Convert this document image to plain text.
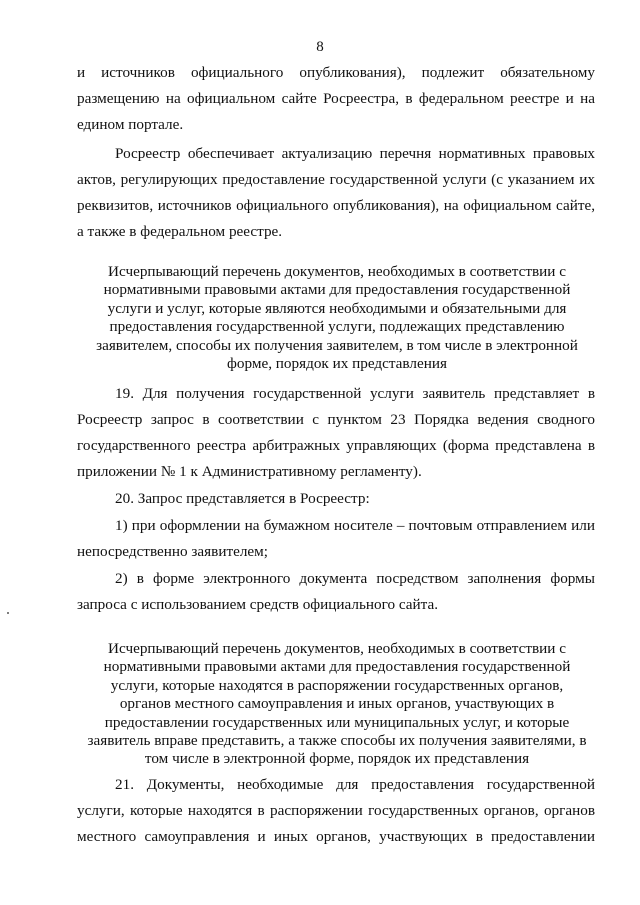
8

и источников официального опубликования), подлежит обязательному размещению на официальном сайте Росреестра, в федеральном реестре и на едином портале.

Росреестр обеспечивает актуализацию перечня нормативных правовых актов, регулирующих предоставление государственной услуги (с указанием их реквизитов, источников официального опубликования), на официальном сайте, а также в федеральном реестре.

Исчерпывающий перечень документов, необходимых в соответствии с нормативными правовыми актами для предоставления государственной услуги и услуг, которые являются необходимыми и обязательными для предоставления государственной услуги, подлежащих представлению заявителем, способы их получения заявителем, в том числе в электронной форме, порядок их представления

19. Для получения государственной услуги заявитель представляет в Росреестр запрос в соответствии с пунктом 23 Порядка ведения сводного государственного реестра арбитражных управляющих (форма представлена в приложении № 1 к Административному регламенту).

20. Запрос представляется в Росреестр:

1) при оформлении на бумажном носителе – почтовым отправлением или непосредственно заявителем;

2) в форме электронного документа посредством заполнения формы запроса с использованием средств официального сайта.

Исчерпывающий перечень документов, необходимых в соответствии с нормативными правовыми актами для предоставления государственной услуги, которые находятся в распоряжении государственных органов, органов местного самоуправления и иных органов, участвующих в предоставлении государственных или муниципальных услуг, и которые заявитель вправе представить, а также способы их получения заявителями, в том числе в электронной форме, порядок их представления

21. Документы, необходимые для предоставления государственной услуги, которые находятся в распоряжении государственных органов, органов местного самоуправления и иных органов, участвующих в предоставлении
